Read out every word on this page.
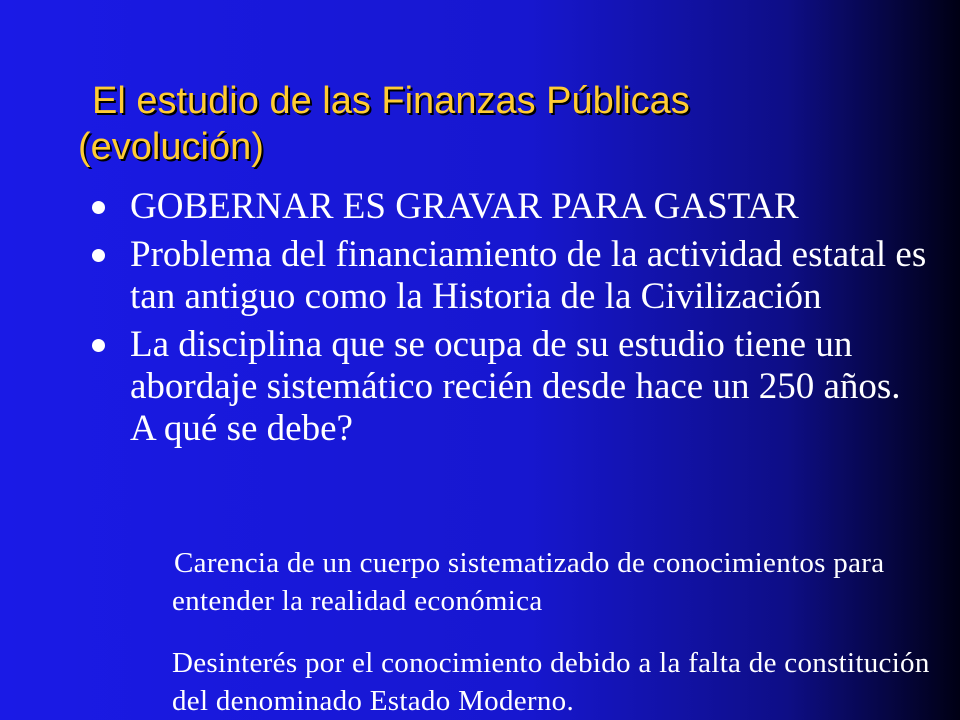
El estudio de las Finanzas Públicas
(evolución)
GOBERNAR ES GRAVAR PARA GASTAR
Problema del financiamiento de la actividad estatal es tan antiguo como la Historia de la Civilización
La disciplina que se ocupa de su estudio tiene un abordaje sistemático recién desde hace un 250 años. A qué se debe?
Carencia de un cuerpo sistematizado de conocimientos para entender la realidad económica
Desinterés por el conocimiento debido a la falta de constitución del denominado Estado Moderno.
